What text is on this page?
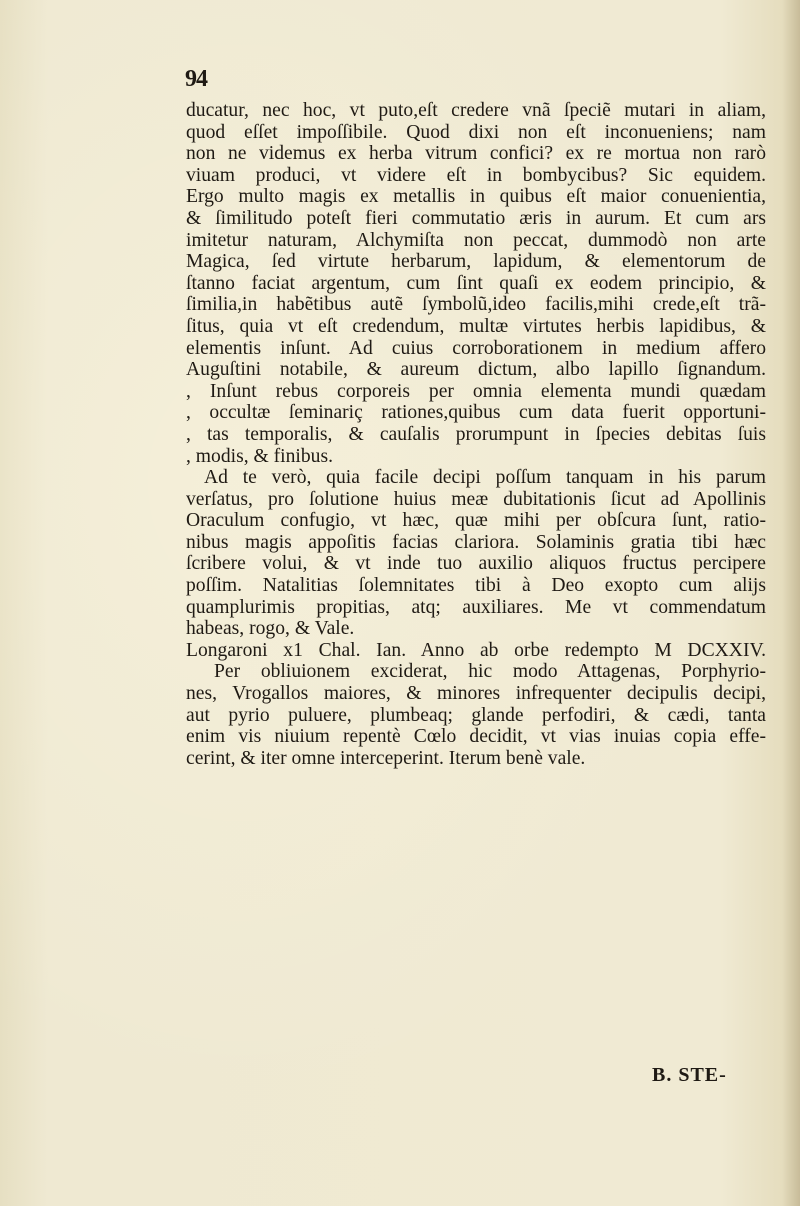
94
ducatur, nec hoc, vt puto,eſt credere vnã ſpeciẽ mutari in aliam,
quod eſſet impoſſibile. Quod dixi non eſt inconueniens; nam
non ne videmus ex herba vitrum confici? ex re mortua non rarò
viuam produci, vt videre eſt in bombycibus? Sic equidem.
Ergo multo magis ex metallis in quibus eſt maior conuenientia,
& ſimilitudo poteſt fieri commutatio æris in aurum. Et cum ars
imitetur naturam, Alchymiſta non peccat, dummodò non arte
Magica, ſed virtute herbarum, lapidum, & elementorum de
ſtanno faciat argentum, cum ſint quaſi ex eodem principio, &
ſimilia,in habẽtibus autẽ ſymbolũ,ideo facilis,mihi crede,eſt trã-
ſitus, quia vt eſt credendum, multæ virtutes herbis lapidibus, &
elementis inſunt. Ad cuius corroborationem in medium affero
Auguſtini notabile, & aureum dictum, albo lapillo ſignandum.
, Inſunt rebus corporeis per omnia elementa mundi quædam
, occultæ ſeminariç rationes,quibus cum data fuerit opportuni-
, tas temporalis, & cauſalis prorumpunt in ſpecies debitas ſuis
, modis, & finibus.
Ad te verò, quia facile decipi poſſum tanquam in his parum
verſatus, pro ſolutione huius meæ dubitationis ſicut ad Apollinis
Oraculum confugio, vt hæc, quæ mihi per obſcura ſunt, ratio-
nibus magis appoſitis facias clariora. Solaminis gratia tibi hæc
ſcribere volui, & vt inde tuo auxilio aliquos fructus percipere
poſſim. Natalitias ſolemnitates tibi à Deo exopto cum alijs
quamplurimis propitias, atq; auxiliares. Me vt commendatum
habeas, rogo, & Vale.
Longaroni x1 Chal. Ian. Anno ab orbe redempto M DCXXIV.
Per obliuionem exciderat, hic modo Attagenas, Porphyrio-
nes, Vrogallos maiores, & minores infrequenter decipulis decipi,
aut pyrio puluere, plumbeaq; glande perfodiri, & cædi, tanta
enim vis niuium repentè Cœlo decidit, vt vias inuias copia effe-
cerint, & iter omne interceperint. Iterum benè vale.
B. STE-
